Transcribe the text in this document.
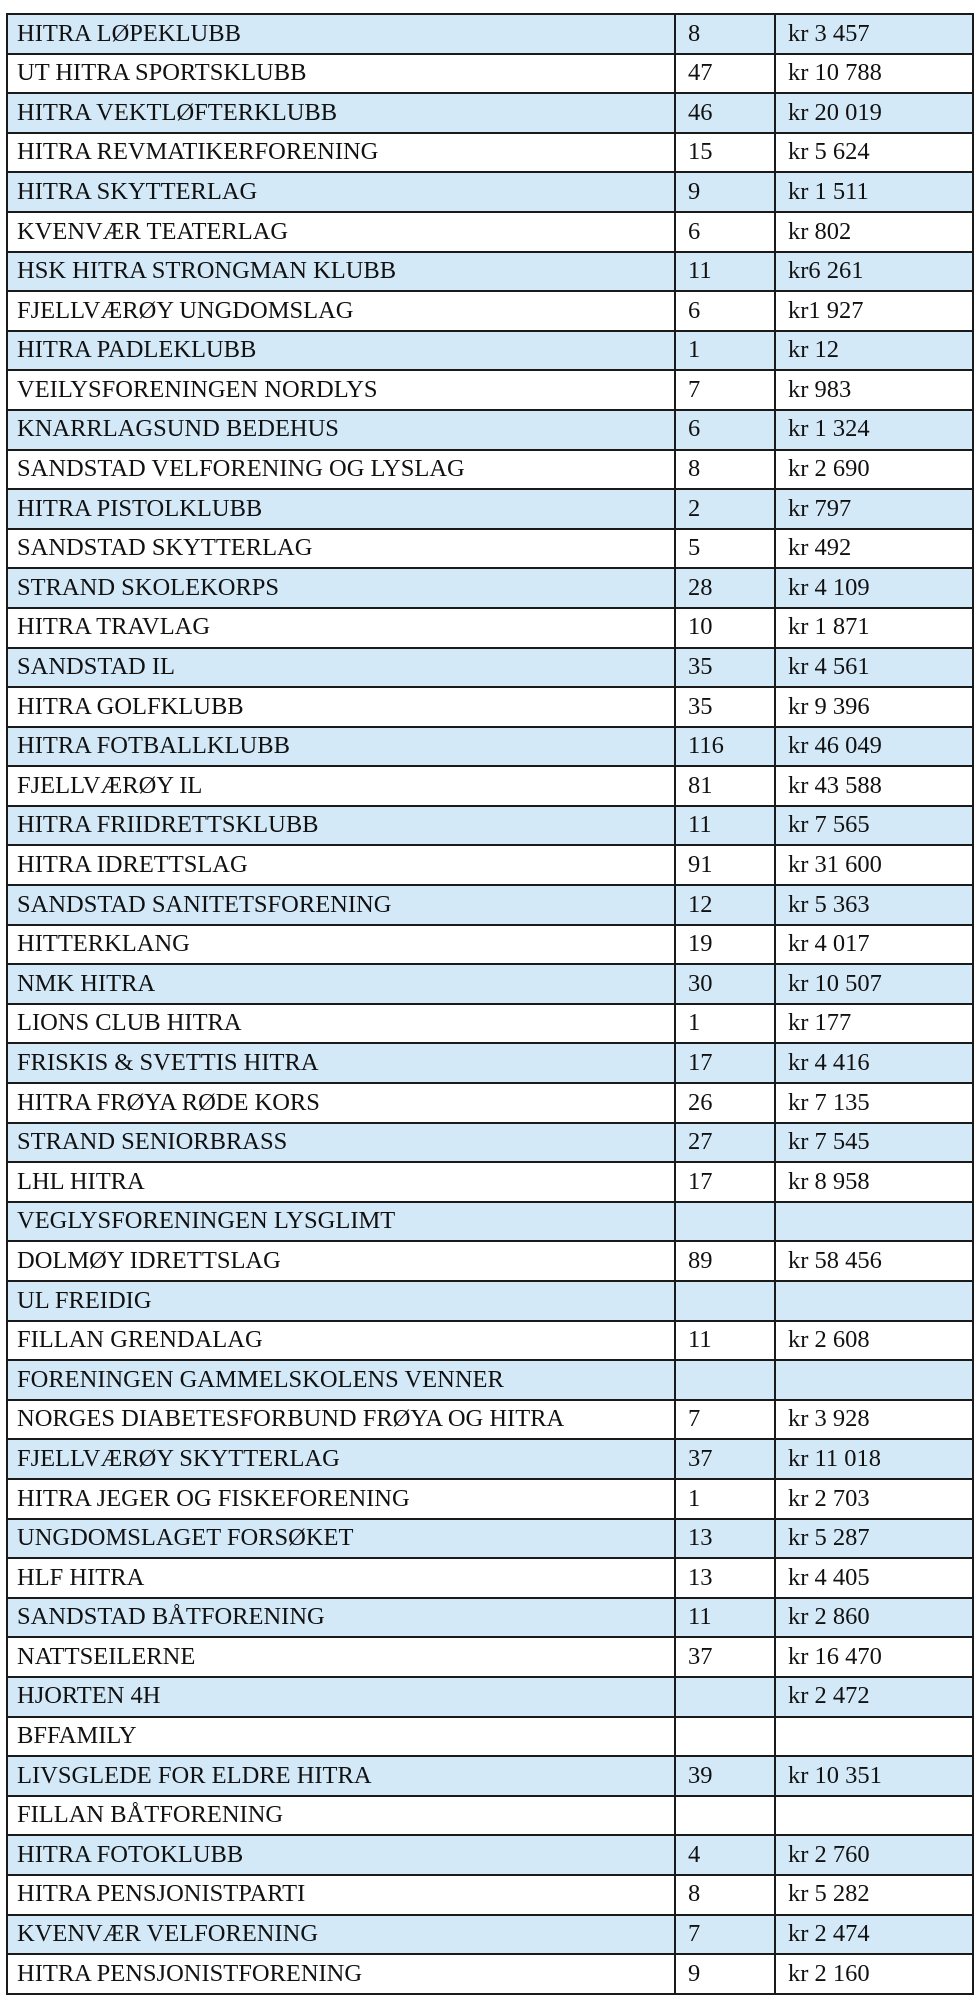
HITRA LØPEKLUBB	8	kr 3 457
UT HITRA SPORTSKLUBB	47	kr 10 788
HITRA VEKTLØFTERKLUBB	46	kr 20 019
HITRA REVMATIKERFORENING	15	kr 5 624
HITRA SKYTTERLAG	9	kr 1 511
KVENVÆR TEATERLAG	6	kr 802
HSK HITRA STRONGMAN KLUBB	11	kr6 261
FJELLVÆRØY UNGDOMSLAG	6	kr1 927
HITRA PADLEKLUBB	1	kr 12
VEILYSFORENINGEN NORDLYS	7	kr 983
KNARRLAGSUND BEDEHUS	6	kr 1 324
SANDSTAD VELFORENING OG LYSLAG	8	kr 2 690
HITRA PISTOLKLUBB	2	kr 797
SANDSTAD SKYTTERLAG	5	kr 492
STRAND SKOLEKORPS	28	kr 4 109
HITRA TRAVLAG	10	kr 1 871
SANDSTAD IL	35	kr 4 561
HITRA GOLFKLUBB	35	kr 9 396
HITRA FOTBALLKLUBB	116	kr 46 049
FJELLVÆRØY IL	81	kr 43 588
HITRA FRIIDRETTSKLUBB	11	kr 7 565
HITRA IDRETTSLAG	91	kr 31 600
SANDSTAD SANITETSFORENING	12	kr 5 363
HITTERKLANG	19	kr 4 017
NMK HITRA	30	kr 10 507
LIONS CLUB HITRA	1	kr 177
FRISKIS & SVETTIS HITRA	17	kr 4 416
HITRA FRØYA RØDE KORS	26	kr 7 135
STRAND SENIORBRASS	27	kr 7 545
LHL HITRA	17	kr 8 958
VEGLYSFORENINGEN LYSGLIMT		
DOLMØY IDRETTSLAG	89	kr 58 456
UL FREIDIG		
FILLAN GRENDALAG	11	kr 2 608
FORENINGEN GAMMELSKOLENS VENNER		
NORGES DIABETESFORBUND FRØYA OG HITRA	7	kr 3 928
FJELLVÆRØY SKYTTERLAG	37	kr 11 018
HITRA JEGER OG FISKEFORENING	1	kr 2 703
UNGDOMSLAGET FORSØKET	13	kr 5 287
HLF HITRA	13	kr 4 405
SANDSTAD BÅTFORENING	11	kr 2 860
NATTSEILERNE	37	kr 16 470
HJORTEN 4H		kr 2 472
BFFAMILY		
LIVSGLEDE FOR ELDRE HITRA	39	kr 10 351
FILLAN BÅTFORENING		
HITRA FOTOKLUBB	4	kr 2 760
HITRA PENSJONISTPARTI	8	kr 5 282
KVENVÆR VELFORENING	7	kr 2 474
HITRA PENSJONISTFORENING	9	kr 2 160
